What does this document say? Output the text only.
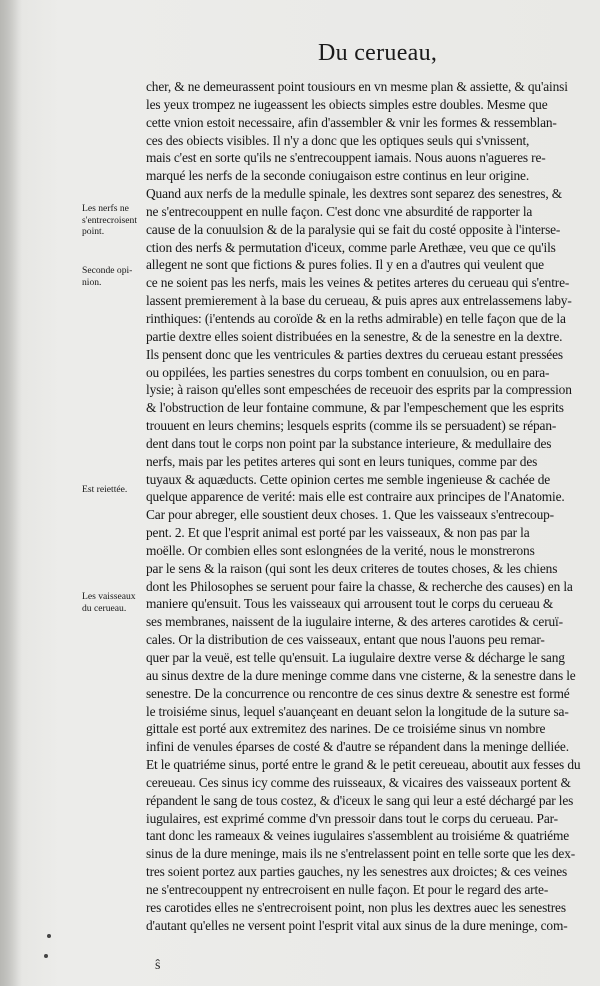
Du cerueau,
cher, & ne demeurassent point tousiours en vn mesme plan & assiette, & qu'ainsi
les yeux trompez ne iugeassent les obiects simples estre doubles. Mesme que
cette vnion estoit necessaire, afin d'assembler & vnir les formes & ressemblan-
ces des obiects visibles. Il n'y a donc que les optiques seuls qui s'vnissent,
mais c'est en sorte qu'ils ne s'entrecouppent iamais. Nous auons n'agueres re-
marqué les nerfs de la seconde coniugaison estre continus en leur origine.
Quand aux nerfs de la medulle spinale, les dextres sont separez des senestres, &
ne s'entrecouppent en nulle façon. C'est donc vne absurdité de rapporter la
cause de la conuulsion & de la paralysie qui se fait du costé opposite à l'interse-
ction des nerfs & permutation d'iceux, comme parle Arethæe, veu que ce qu'ils
allegent ne sont que fictions & pures folies. Il y en a d'autres qui veulent que
ce ne soient pas les nerfs, mais les veines & petites arteres du cerueau qui s'entre-
lassent premierement à la base du cerueau, & puis apres aux entrelassemens laby-
rinthiques: (i'entends au coroïde & en la reths admirable) en telle façon que de la
partie dextre elles soient distribuées en la senestre, & de la senestre en la dextre.
Ils pensent donc que les ventricules & parties dextres du cerueau estant pressées
ou oppilées, les parties senestres du corps tombent en conuulsion, ou en para-
lysie; à raison qu'elles sont empeschées de receuoir des esprits par la compression
& l'obstruction de leur fontaine commune, & par l'empeschement que les esprits
trouuent en leurs chemins; lesquels esprits (comme ils se persuadent) se répan-
dent dans tout le corps non point par la substance interieure, & medullaire des
nerfs, mais par les petites arteres qui sont en leurs tuniques, comme par des
tuyaux & aquæducts. Cette opinion certes me semble ingenieuse & cachée de
quelque apparence de verité: mais elle est contraire aux principes de l'Anatomie.
Car pour abreger, elle soustient deux choses. 1. Que les vaisseaux s'entrecoup-
pent. 2. Et que l'esprit animal est porté par les vaisseaux, & non pas par la
moëlle. Or combien elles sont eslongnées de la verité, nous le monstrerons
par le sens & la raison (qui sont les deux criteres de toutes choses, & les chiens
dont les Philosophes se seruent pour faire la chasse, & recherche des causes) en la
maniere qu'ensuit. Tous les vaisseaux qui arrousent tout le corps du cerueau &
ses membranes, naissent de la iugulaire interne, & des arteres carotides & ceruï-
cales. Or la distribution de ces vaisseaux, entant que nous l'auons peu remar-
quer par la veuë, est telle qu'ensuit. La iugulaire dextre verse & décharge le sang
au sinus dextre de la dure meninge comme dans vne cisterne, & la senestre dans le
senestre. De la concurrence ou rencontre de ces sinus dextre & senestre est formé
le troisiéme sinus, lequel s'auançeant en deuant selon la longitude de la suture sa-
gittale est porté aux extremitez des narines. De ce troisiéme sinus vn nombre
infini de venules éparses de costé & d'autre se répandent dans la meninge delliée.
Et le quatriéme sinus, porté entre le grand & le petit cereueau, aboutit aux fesses du
cereueau. Ces sinus icy comme des ruisseaux, & vicaires des vaisseaux portent &
répandent le sang de tous costez, & d'iceux le sang qui leur a esté déchargé par les
iugulaires, est exprimé comme d'vn pressoir dans tout le corps du cerueau. Par-
tant donc les rameaux & veines iugulaires s'assemblent au troisiéme & quatriéme
sinus de la dure meninge, mais ils ne s'entrelassent point en telle sorte que les dex-
tres soient portez aux parties gauches, ny les senestres aux droictes; & ces veines
ne s'entrecouppent ny entrecroisent en nulle façon. Et pour le regard des arte-
res carotides elles ne s'entrecroisent point, non plus les dextres auec les senestres
d'autant qu'elles ne versent point l'esprit vital aux sinus de la dure meninge, com-
Les nerfs ne
s'entrecroisent
point.
Seconde opi-
nion.
Est reiettée.
Les vaisseaux
du cerueau.
ŝ
